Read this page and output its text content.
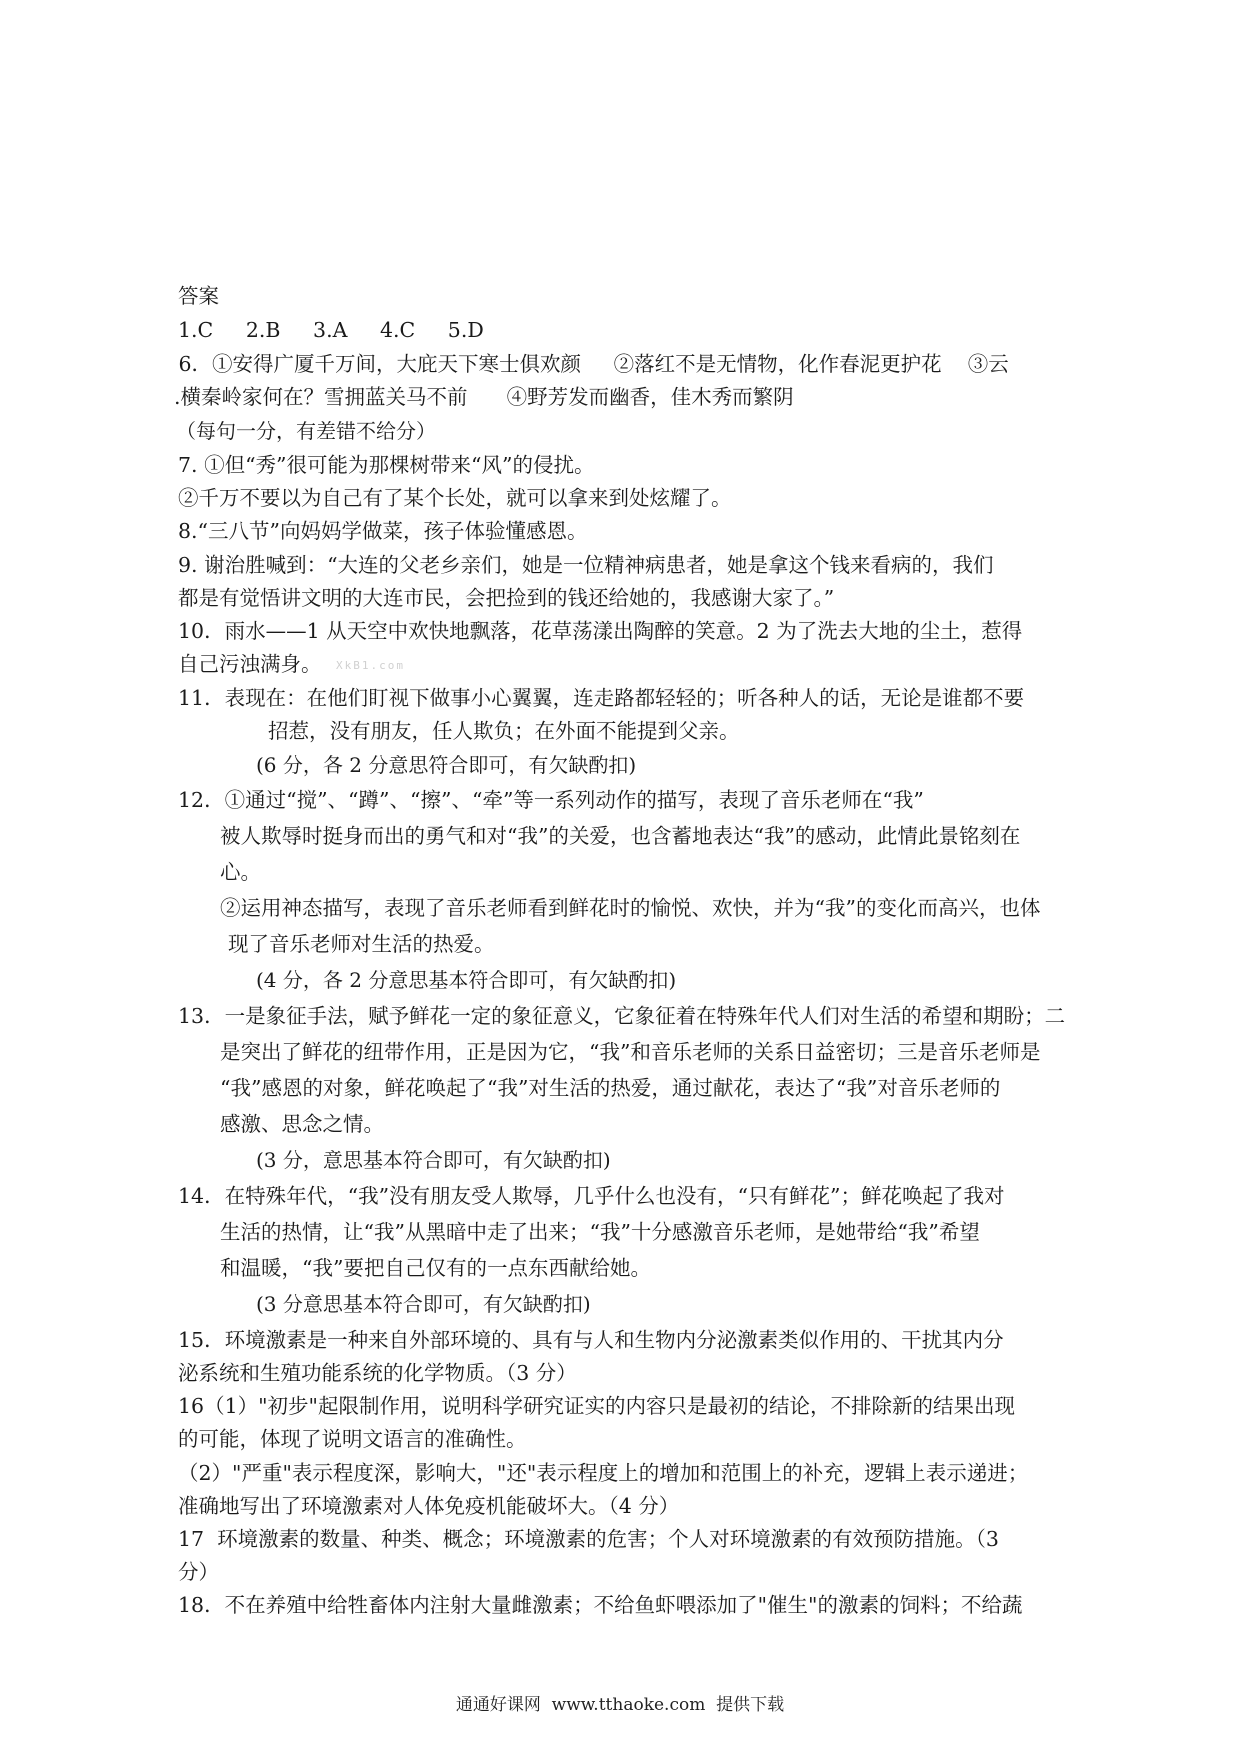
答案
1.C     2.B     3.A     4.C     5.D
6．①安得广厦千万间，大庇天下寒士俱欢颜     ②落红不是无情物，化作春泥更护花    ③云
.横秦岭家何在？雪拥蓝关马不前      ④野芳发而幽香，佳木秀而繁阴
（每句一分，有差错不给分）
7. ①但“秀”很可能为那棵树带来“风”的侵扰。
②千万不要以为自己有了某个长处，就可以拿来到处炫耀了。
8.“三八节”向妈妈学做菜，孩子体验懂感恩。
9. 谢治胜喊到：“大连的父老乡亲们，她是一位精神病患者，她是拿这个钱来看病的，我们
都是有觉悟讲文明的大连市民，会把捡到的钱还给她的，我感谢大家了。”
10．雨水——1 从天空中欢快地飘落，花草荡漾出陶醉的笑意。2 为了洗去大地的尘土，惹得
自己污浊满身。 XkB1.com
11．表现在：在他们盯视下做事小心翼翼，连走路都轻轻的；听各种人的话，无论是谁都不要
招惹，没有朋友，任人欺负；在外面不能提到父亲。
(6 分，各 2 分意思符合即可，有欠缺酌扣)
12．①通过“搅”、“蹲”、“擦”、“牵”等一系列动作的描写，表现了音乐老师在“我”
被人欺辱时挺身而出的勇气和对“我”的关爱，也含蓄地表达“我”的感动，此情此景铭刻在
心。
②运用神态描写，表现了音乐老师看到鲜花时的愉悦、欢快，并为“我”的变化而高兴，也体
现了音乐老师对生活的热爱。
(4 分，各 2 分意思基本符合即可，有欠缺酌扣)
13．一是象征手法，赋予鲜花一定的象征意义，它象征着在特殊年代人们对生活的希望和期盼；二
是突出了鲜花的纽带作用，正是因为它，“我”和音乐老师的关系日益密切；三是音乐老师是
“我”感恩的对象，鲜花唤起了“我”对生活的热爱，通过献花，表达了“我”对音乐老师的
感激、思念之情。
(3 分，意思基本符合即可，有欠缺酌扣)
14．在特殊年代，“我”没有朋友受人欺辱，几乎什么也没有，“只有鲜花”；鲜花唤起了我对
生活的热情，让“我”从黑暗中走了出来；“我”十分感激音乐老师，是她带给“我”希望
和温暖，“我”要把自己仅有的一点东西献给她。
(3 分意思基本符合即可，有欠缺酌扣)
15．环境激素是一种来自外部环境的、具有与人和生物内分泌激素类似作用的、干扰其内分
泌系统和生殖功能系统的化学物质。（3 分）
16（1）"初步"起限制作用，说明科学研究证实的内容只是最初的结论，不排除新的结果出现
的可能，体现了说明文语言的准确性。
（2）"严重"表示程度深，影响大，"还"表示程度上的增加和范围上的补充，逻辑上表示递进；
准确地写出了环境激素对人体免疫机能破坏大。（4 分）
17  环境激素的数量、种类、概念；环境激素的危害；个人对环境激素的有效预防措施。（3
分）
18．不在养殖中给牲畜体内注射大量雌激素；不给鱼虾喂添加了"催生"的激素的饲料；不给蔬
通通好课网  www.tthaoke.com  提供下载
